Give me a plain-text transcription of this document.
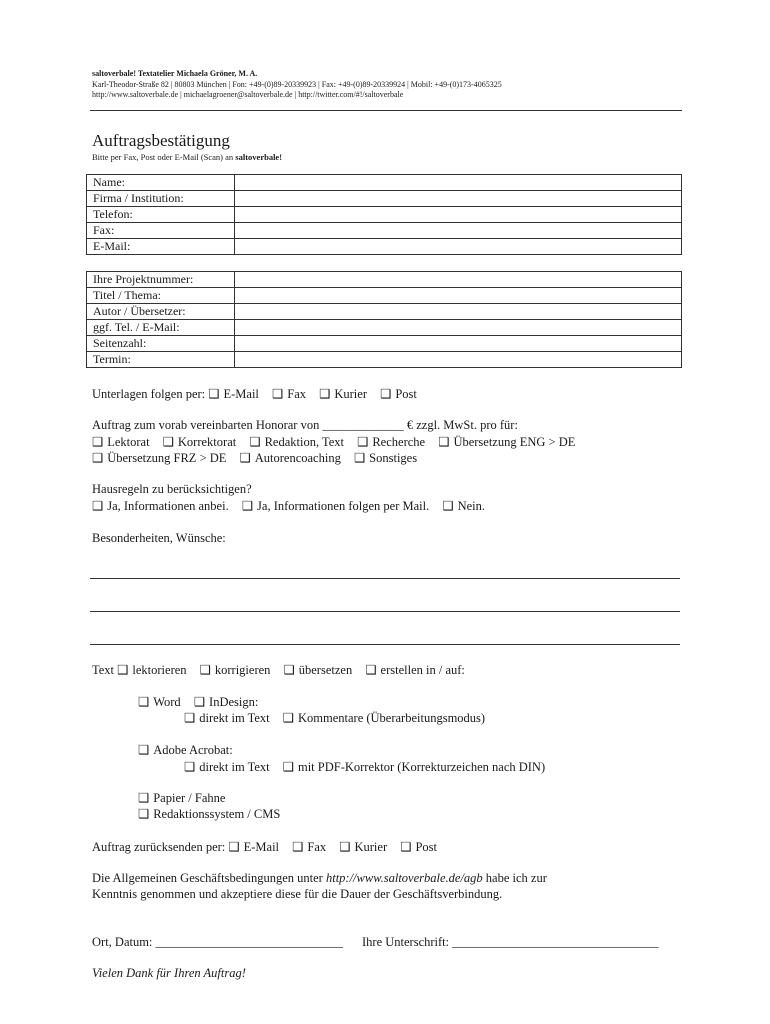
saltoverbale! Textatelier Michaela Gröner, M. A.
Karl-Theodor-Straße 82 | 80803 München | Fon: +49-(0)89-20339923 | Fax: +49-(0)89-20339924 | Mobil: +49-(0)173-4065325
http://www.saltoverbale.de | michaelagroener@saltoverbale.de | http://twitter.com/#!/saltoverbale
Auftragsbestätigung
Bitte per Fax, Post oder E-Mail (Scan) an saltoverbale!
Name:	
Firma / Institution:	
Telefon:	
Fax:	
E-Mail:	
Ihre Projektnummer:	
Titel / Thema:	
Autor / Übersetzer:	
ggf. Tel. / E-Mail:	
Seitenzahl:	
Termin:	
Unterlagen folgen per: ❑ E-Mail ❑ Fax ❑ Kurier ❑ Post
Auftrag zum vorab vereinbarten Honorar von _____________ € zzgl. MwSt. pro für:
❑ Lektorat ❑ Korrektorat ❑ Redaktion, Text ❑ Recherche ❑ Übersetzung ENG > DE
❑ Übersetzung FRZ > DE ❑ Autorencoaching ❑ Sonstiges
Hausregeln zu berücksichtigen?
❑ Ja, Informationen anbei. ❑ Ja, Informationen folgen per Mail. ❑ Nein.
Besonderheiten, Wünsche:
Text ❑ lektorieren ❑ korrigieren ❑ übersetzen ❑ erstellen in / auf:
❑ Word ❑ InDesign:
❑ direkt im Text ❑ Kommentare (Überarbeitungsmodus)
❑ Adobe Acrobat:
❑ direkt im Text ❑ mit PDF-Korrektor (Korrekturzeichen nach DIN)
❑ Papier / Fahne
❑ Redaktionssystem / CMS
Auftrag zurücksenden per: ❑ E-Mail ❑ Fax ❑ Kurier ❑ Post
Die Allgemeinen Geschäftsbedingungen unter http://www.saltoverbale.de/agb habe ich zur
Kenntnis genommen und akzeptiere diese für die Dauer der Geschäftsverbindung.
Ort, Datum: ______________________________ Ihre Unterschrift: _________________________________
Vielen Dank für Ihren Auftrag!
